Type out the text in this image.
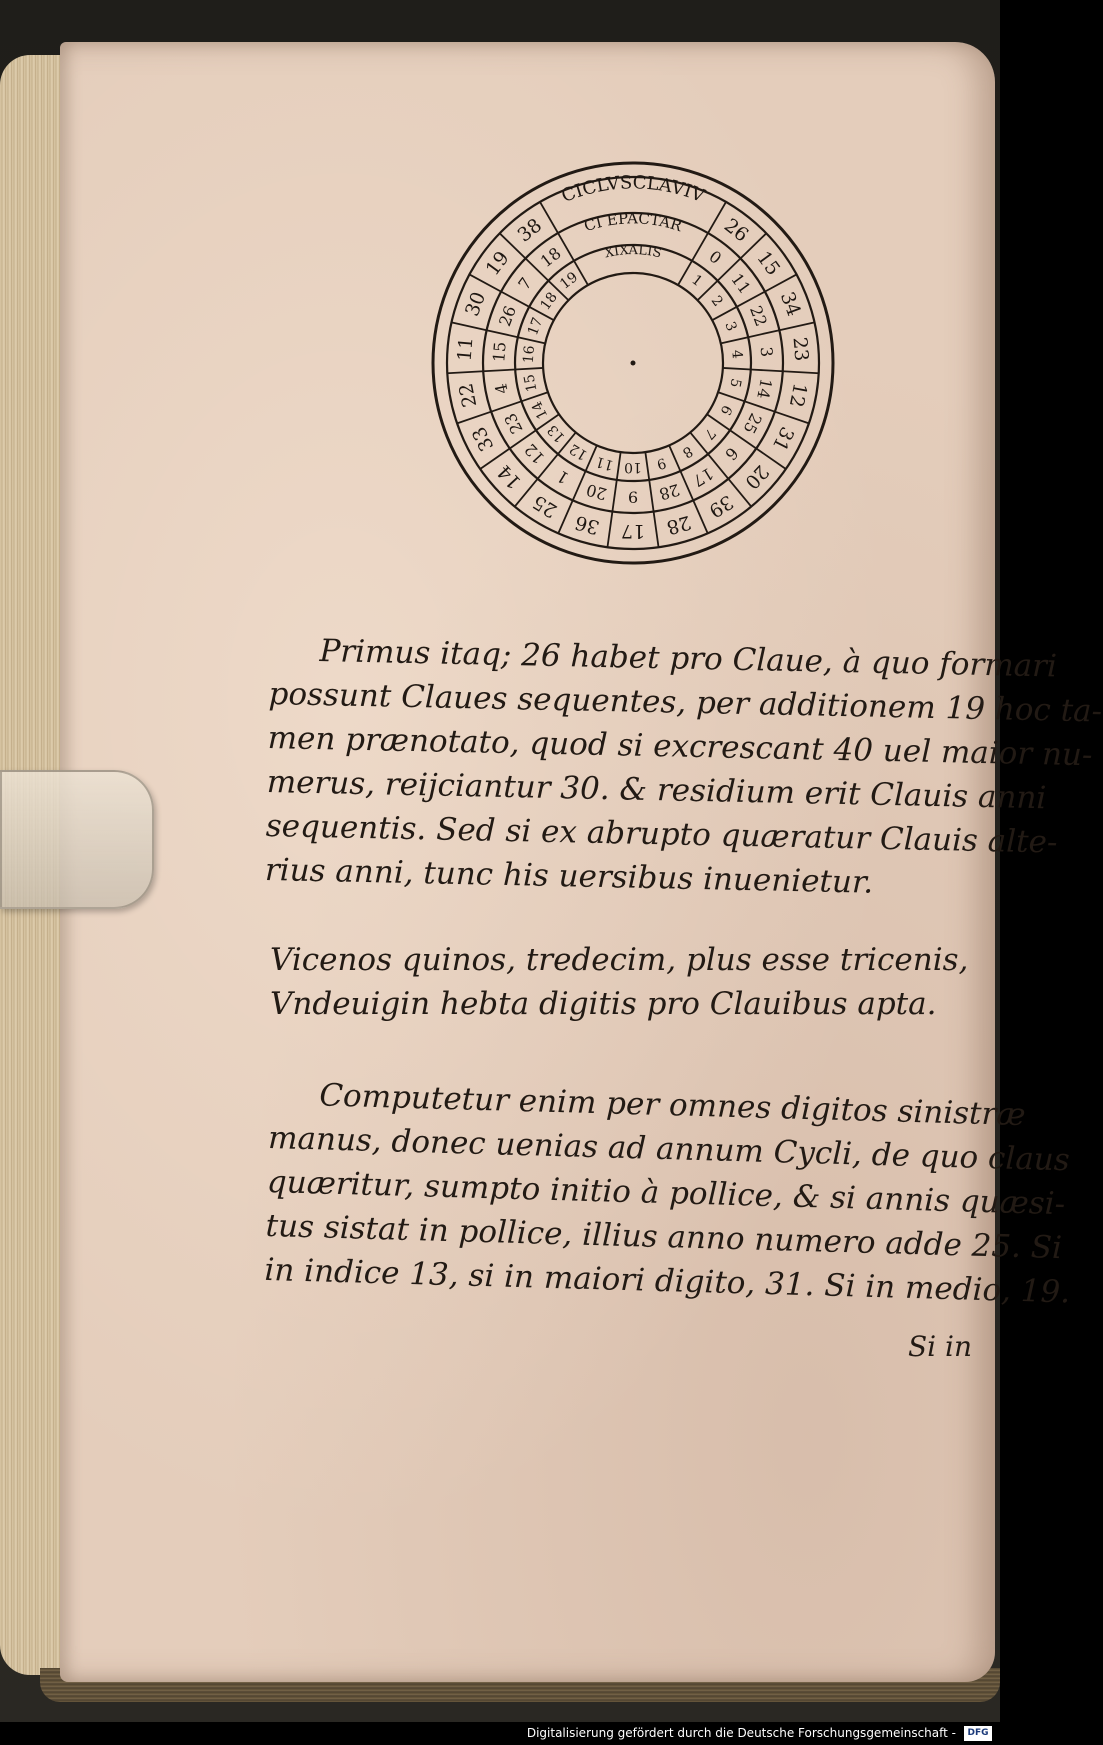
26
15
34
23
12
31
20
39
28
17
36
25
14
33
22
11
30
19
38
CICLVSCLAVIV
0
11
22
3
14
25
6
17
28
9
20
1
12
23
4
15
26
7
18
CI EPACTAR
1
2
3
4
5
6
7
8
9
10
11
12
13
14
15
16
17
18
19
XIXALIS
Primus itaq; 26 habet pro Claue, à quo formari
possunt Claues sequentes, per additionem 19 hoc ta-
men prænotato, quod si excrescant 40 uel maior nu-
merus, reijciantur 30. & residium erit Clauis anni
sequentis. Sed si ex abrupto quæratur Clauis alte-
rius anni, tunc his uersibus inuenietur.
Vicenos quinos, tredecim, plus esse tricenis,
Vndeuigin hebta digitis pro Clauibus apta.
Computetur enim per omnes digitos sinistræ
manus, donec uenias ad annum Cycli, de quo claus
quæritur, sumpto initio à pollice, & si annis quæsi-
tus sistat in pollice, illius anno numero adde 25. Si
in indice 13, si in maiori digito, 31. Si in medio, 19.
Si in
Digitalisierung gefördert durch die Deutsche Forschungsgemeinschaft -	DFG
